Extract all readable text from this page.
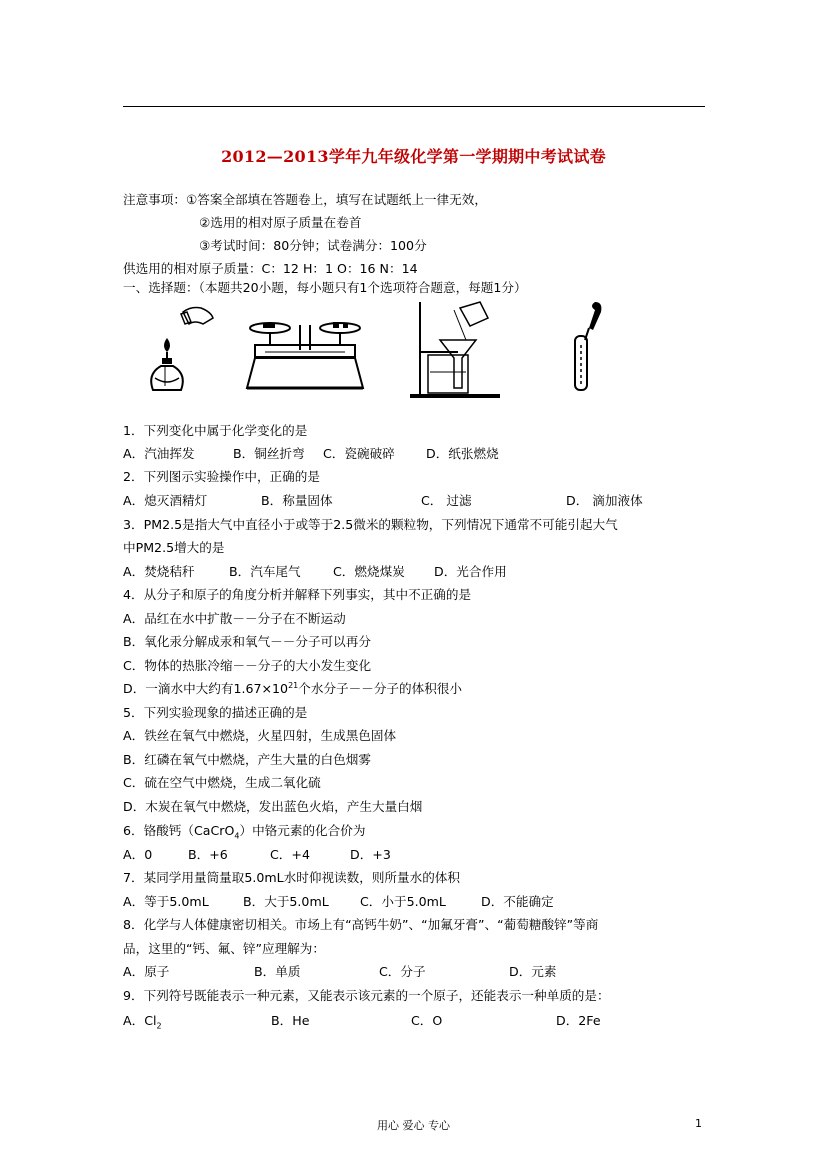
2012—2013学年九年级化学第一学期期中考试试卷
注意事项：①答案全部填在答题卷上，填写在试题纸上一律无效，
②选用的相对原子质量在卷首
③考试时间：80分钟；试卷满分：100分
供选用的相对原子质量：C：12 H：1 O：16 N：14
一、选择题：（本题共20小题，每小题只有1个选项符合题意，每题1分）
1．下列变化中属于化学变化的是
A．汽油挥发	B．铜丝折弯 C．瓷碗破碎 D．纸张燃烧
2．下列图示实验操作中，正确的是
A．熄灭酒精灯	B．称量固体	C． 过滤	D． 滴加液体
3．PM2.5是指大气中直径小于或等于2.5微米的颗粒物，下列情况下通常不可能引起大气
中PM2.5增大的是
A．焚烧秸秆	B．汽车尾气	C．燃烧煤炭 D．光合作用
4．从分子和原子的角度分析并解释下列事实，其中不正确的是
A．品红在水中扩散－－分子在不断运动
B．氧化汞分解成汞和氧气－－分子可以再分
C．物体的热胀冷缩－－分子的大小发生变化
D．一滴水中大约有$1.67\times 10^{21}$个水分子－－分子的体积很小
5．下列实验现象的描述正确的是
A．铁丝在氧气中燃烧，火星四射，生成黑色固体
B．红磷在氧气中燃烧，产生大量的白色烟雾
C．硫在空气中燃烧，生成二氧化硫
D．木炭在氧气中燃烧，发出蓝色火焰，产生大量白烟
6．铬酸钙（CaCrO$_4$）中铬元素的化合价为
A．0	B．+6	C．+4	D．+3
7．某同学用量筒量取5.0mL水时仰视读数，则所量水的体积
A．等于5.0mL	B．大于5.0mL C．小于5.0mL	D．不能确定
8．化学与人体健康密切相关。市场上有“高钙牛奶”、“加氟牙膏”、“葡萄糖酸锌”等商
品，这里的“钙、氟、锌”应理解为：
A．原子	B．单质	C．分子	D．元素
9．下列符号既能表示一种元素，又能表示该元素的一个原子，还能表示一种单质的是：
A．$Cl_2$	B．He	C．O	D．2Fe
用心 爱心 专心	1
